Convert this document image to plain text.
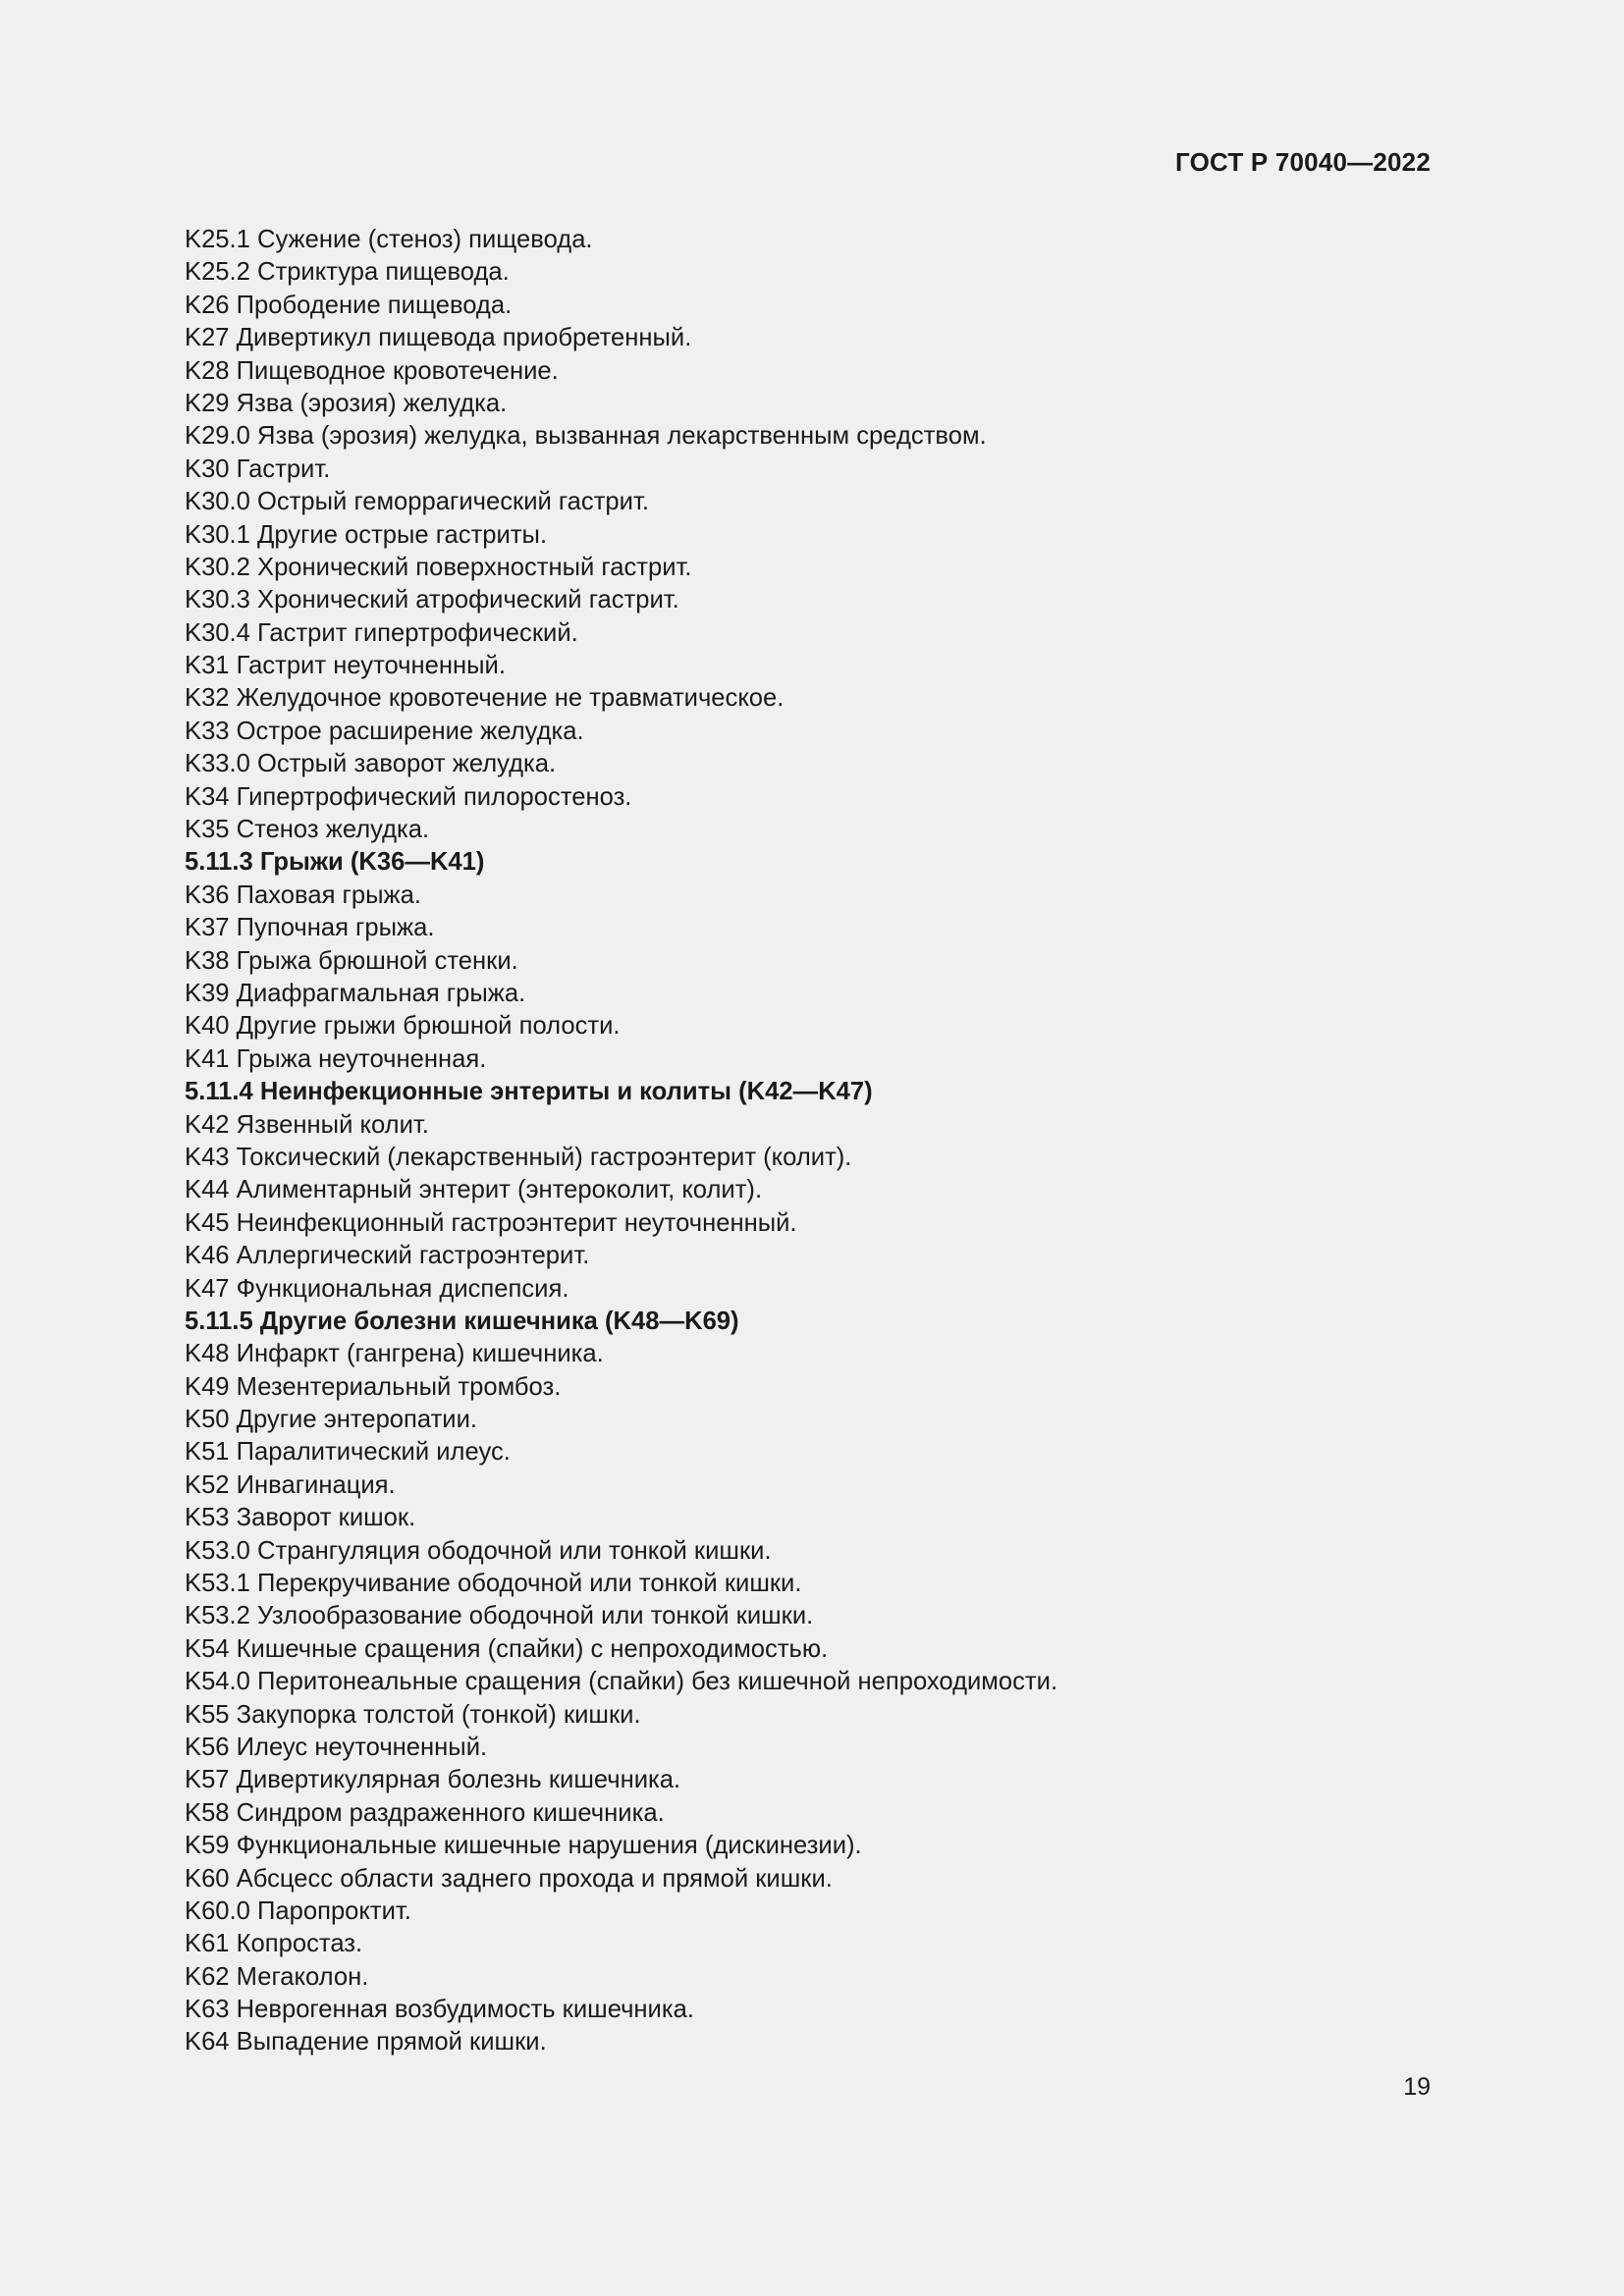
ГОСТ Р 70040—2022
K25.1 Сужение (стеноз) пищевода.
K25.2 Стриктура пищевода.
K26 Прободение пищевода.
K27 Дивертикул пищевода приобретенный.
K28 Пищеводное кровотечение.
K29 Язва (эрозия) желудка.
K29.0 Язва (эрозия) желудка, вызванная лекарственным средством.
K30 Гастрит.
K30.0 Острый геморрагический гастрит.
K30.1 Другие острые гастриты.
K30.2 Хронический поверхностный гастрит.
K30.3 Хронический атрофический гастрит.
K30.4 Гастрит гипертрофический.
K31 Гастрит неуточненный.
K32 Желудочное кровотечение не травматическое.
K33 Острое расширение желудка.
K33.0 Острый заворот желудка.
K34 Гипертрофический пилоростеноз.
K35 Стеноз желудка.
5.11.3 Грыжи (K36—K41)
K36 Паховая грыжа.
K37 Пупочная грыжа.
K38 Грыжа брюшной стенки.
K39 Диафрагмальная грыжа.
K40 Другие грыжи брюшной полости.
K41 Грыжа неуточненная.
5.11.4 Неинфекционные энтериты и колиты (K42—K47)
K42 Язвенный колит.
K43 Токсический (лекарственный) гастроэнтерит (колит).
K44 Алиментарный энтерит (энтероколит, колит).
K45 Неинфекционный гастроэнтерит неуточненный.
K46 Аллергический гастроэнтерит.
K47 Функциональная диспепсия.
5.11.5 Другие болезни кишечника (K48—K69)
K48 Инфаркт (гангрена) кишечника.
K49 Мезентериальный тромбоз.
K50 Другие энтеропатии.
K51 Паралитический илеус.
K52 Инвагинация.
K53 Заворот кишок.
K53.0 Странгуляция ободочной или тонкой кишки.
K53.1 Перекручивание ободочной или тонкой кишки.
K53.2 Узлообразование ободочной или тонкой кишки.
K54 Кишечные сращения (спайки) с непроходимостью.
K54.0 Перитонеальные сращения (спайки) без кишечной непроходимости.
K55 Закупорка толстой (тонкой) кишки.
K56 Илеус неуточненный.
K57 Дивертикулярная болезнь кишечника.
K58 Синдром раздраженного кишечника.
K59 Функциональные кишечные нарушения (дискинезии).
K60 Абсцесс области заднего прохода и прямой кишки.
K60.0 Паропроктит.
K61 Копростаз.
K62 Мегаколон.
K63 Неврогенная возбудимость кишечника.
K64 Выпадение прямой кишки.
19
